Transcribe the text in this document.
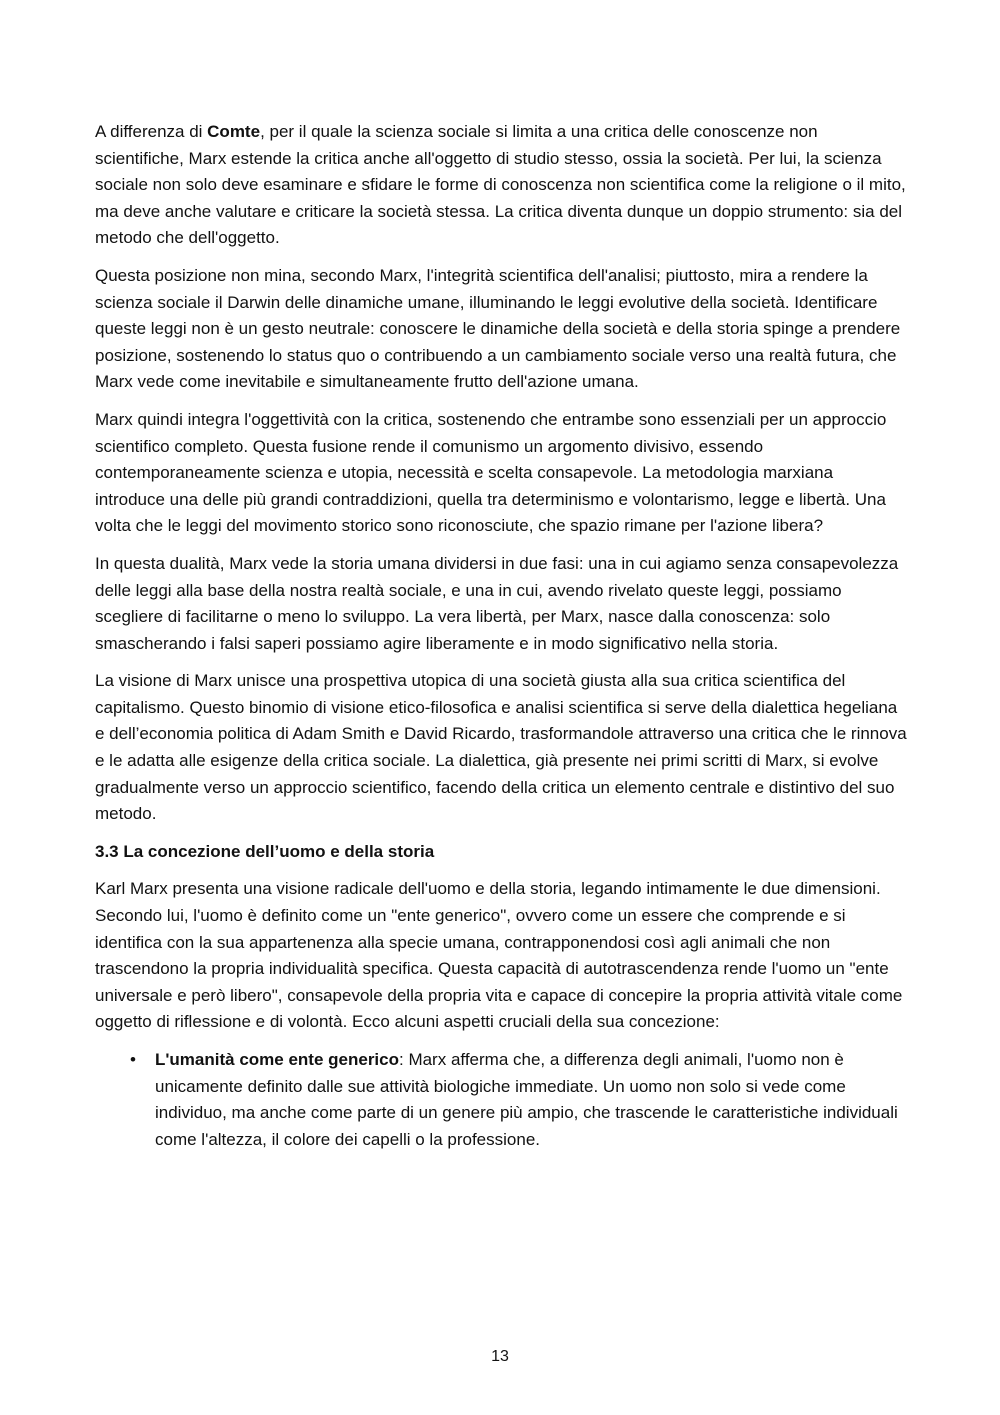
A differenza di Comte, per il quale la scienza sociale si limita a una critica delle conoscenze non scientifiche, Marx estende la critica anche all'oggetto di studio stesso, ossia la società. Per lui, la scienza sociale non solo deve esaminare e sfidare le forme di conoscenza non scientifica come la religione o il mito, ma deve anche valutare e criticare la società stessa. La critica diventa dunque un doppio strumento: sia del metodo che dell'oggetto.

Questa posizione non mina, secondo Marx, l'integrità scientifica dell'analisi; piuttosto, mira a rendere la scienza sociale il Darwin delle dinamiche umane, illuminando le leggi evolutive della società. Identificare queste leggi non è un gesto neutrale: conoscere le dinamiche della società e della storia spinge a prendere posizione, sostenendo lo status quo o contribuendo a un cambiamento sociale verso una realtà futura, che Marx vede come inevitabile e simultaneamente frutto dell'azione umana.

Marx quindi integra l'oggettività con la critica, sostenendo che entrambe sono essenziali per un approccio scientifico completo. Questa fusione rende il comunismo un argomento divisivo, essendo contemporaneamente scienza e utopia, necessità e scelta consapevole. La metodologia marxiana introduce una delle più grandi contraddizioni, quella tra determinismo e volontarismo, legge e libertà. Una volta che le leggi del movimento storico sono riconosciute, che spazio rimane per l'azione libera?

In questa dualità, Marx vede la storia umana dividersi in due fasi: una in cui agiamo senza consapevolezza delle leggi alla base della nostra realtà sociale, e una in cui, avendo rivelato queste leggi, possiamo scegliere di facilitarne o meno lo sviluppo. La vera libertà, per Marx, nasce dalla conoscenza: solo smascherando i falsi saperi possiamo agire liberamente e in modo significativo nella storia.

La visione di Marx unisce una prospettiva utopica di una società giusta alla sua critica scientifica del capitalismo. Questo binomio di visione etico-filosofica e analisi scientifica si serve della dialettica hegeliana e dell’economia politica di Adam Smith e David Ricardo, trasformandole attraverso una critica che le rinnova e le adatta alle esigenze della critica sociale. La dialettica, già presente nei primi scritti di Marx, si evolve gradualmente verso un approccio scientifico, facendo della critica un elemento centrale e distintivo del suo metodo.

3.3 La concezione dell’uomo e della storia

Karl Marx presenta una visione radicale dell'uomo e della storia, legando intimamente le due dimensioni. Secondo lui, l'uomo è definito come un "ente generico", ovvero come un essere che comprende e si identifica con la sua appartenenza alla specie umana, contrapponendosi così agli animali che non trascendono la propria individualità specifica. Questa capacità di autotrascendenza rende l'uomo un "ente universale e però libero", consapevole della propria vita e capace di concepire la propria attività vitale come oggetto di riflessione e di volontà. Ecco alcuni aspetti cruciali della sua concezione:

•	L'umanità come ente generico: Marx afferma che, a differenza degli animali, l'uomo non è unicamente definito dalle sue attività biologiche immediate. Un uomo non solo si vede come individuo, ma anche come parte di un genere più ampio, che trascende le caratteristiche individuali come l'altezza, il colore dei capelli o la professione.
13
